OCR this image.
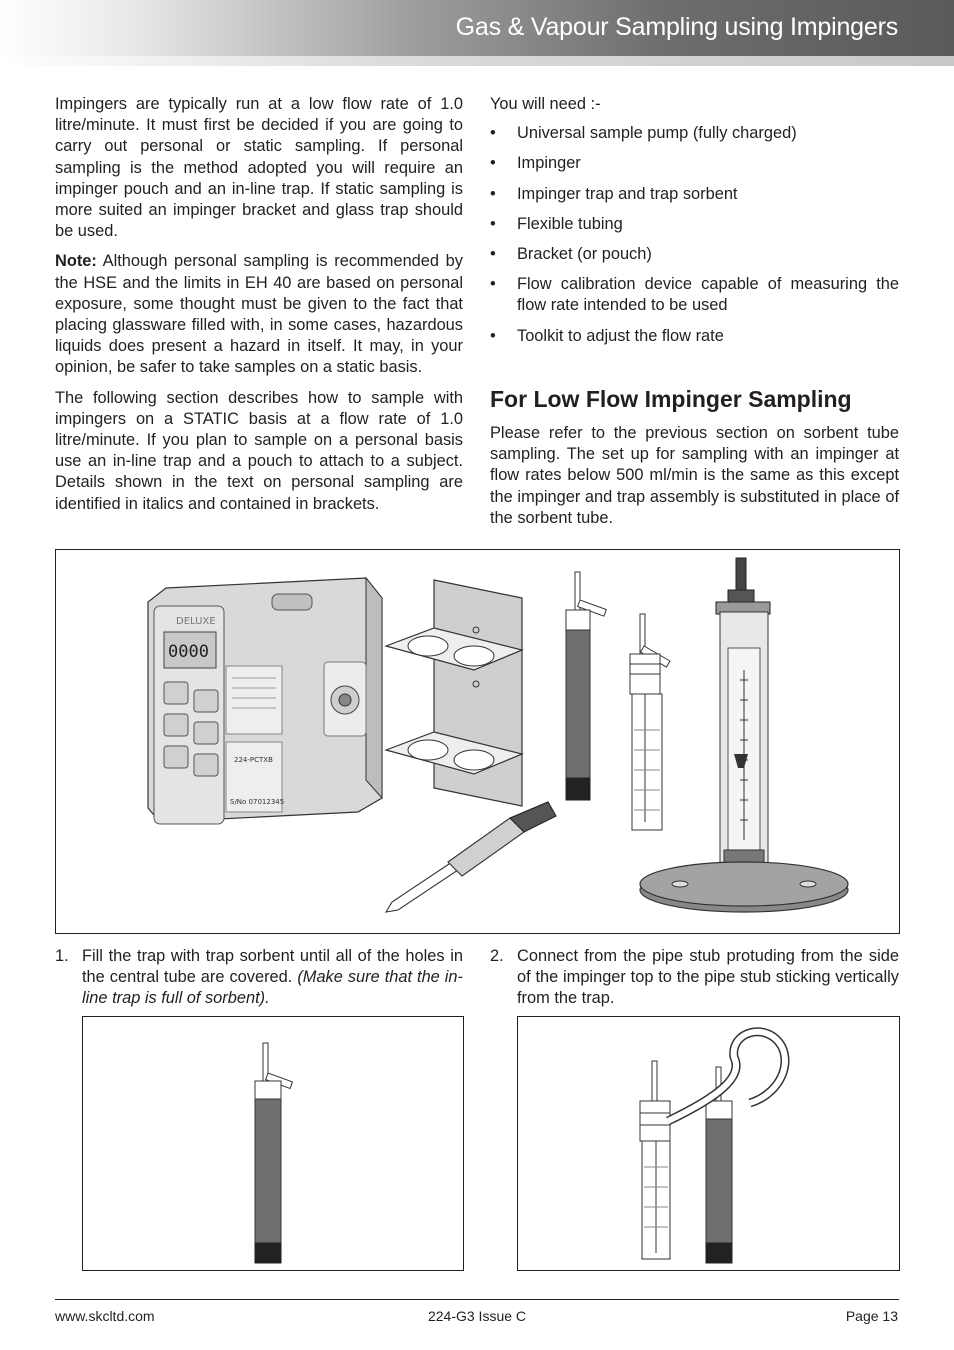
Gas & Vapour Sampling using Impingers

Impingers are typically run at a low flow rate of 1.0 litre/minute. It must first be decided if you are going to carry out personal or static sampling. If personal sampling is the method adopted you will require an impinger pouch and an in-line trap. If static sampling is more suited an impinger bracket and glass trap should be used.

Note: Although personal sampling is recommended by the HSE and the limits in EH 40 are based on personal exposure, some thought must be given to the fact that placing glassware filled with, in some cases, hazardous liquids does present a hazard in itself. It may, in your opinion, be safer to take samples on a static basis.

The following section describes how to sample with impingers on a STATIC basis at a flow rate of 1.0 litre/minute. If you plan to sample on a personal basis use an in-line trap and a pouch to attach to a subject. Details shown in the text on personal sampling are identified in italics and contained in brackets.

You will need :-
• Universal sample pump (fully charged)
• Impinger
• Impinger trap and trap sorbent
• Flexible tubing
• Bracket (or pouch)
• Flow calibration device capable of measuring the flow rate intended to be used
• Toolkit to adjust the flow rate
For Low Flow Impinger Sampling

Please refer to the previous section on sorbent tube sampling. The set up for sampling with an impinger at flow rates below 500 ml/min is the same as this except the impinger and trap assembly is substituted in place of the sorbent tube.

DELUXE
0000
224-PCTXB
S/No 07012345
1. Fill the trap with trap sorbent until all of the holes in the central tube are covered. (Make sure that the in-line trap is full of sorbent).
2. Connect from the pipe stub protuding from the side of the impinger top to the pipe stub sticking vertically from the trap.
www.skcltd.com	224-G3 Issue C	Page 13
